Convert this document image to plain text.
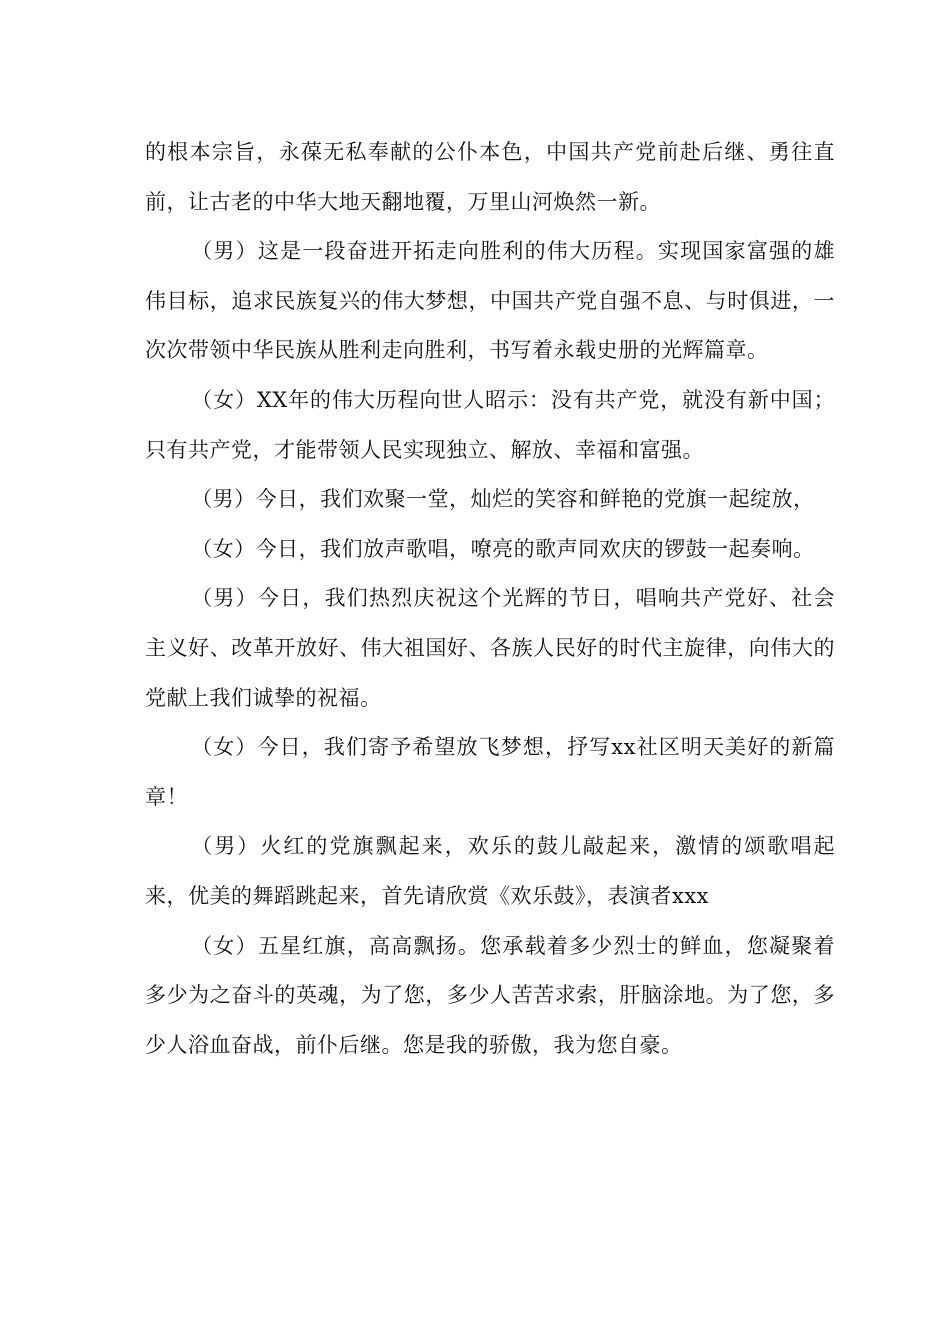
的根本宗旨，永葆无私奉献的公仆本色，中国共产党前赴后继、勇往直前，让古老的中华大地天翻地覆，万里山河焕然一新。

（男）这是一段奋进开拓走向胜利的伟大历程。实现国家富强的雄伟目标，追求民族复兴的伟大梦想，中国共产党自强不息、与时俱进，一次次带领中华民族从胜利走向胜利，书写着永载史册的光辉篇章。

（女）XX年的伟大历程向世人昭示：没有共产党，就没有新中国；只有共产党，才能带领人民实现独立、解放、幸福和富强。

（男）今日，我们欢聚一堂，灿烂的笑容和鲜艳的党旗一起绽放，

（女）今日，我们放声歌唱，嘹亮的歌声同欢庆的锣鼓一起奏响。

（男）今日，我们热烈庆祝这个光辉的节日，唱响共产党好、社会主义好、改革开放好、伟大祖国好、各族人民好的时代主旋律，向伟大的党献上我们诚挚的祝福。

（女）今日，我们寄予希望放飞梦想，抒写xx社区明天美好的新篇章！

（男）火红的党旗飘起来，欢乐的鼓儿敲起来，激情的颂歌唱起来，优美的舞蹈跳起来，首先请欣赏《欢乐鼓》，表演者xxx

（女）五星红旗，高高飘扬。您承载着多少烈士的鲜血，您凝聚着多少为之奋斗的英魂，为了您，多少人苦苦求索，肝脑涂地。为了您，多少人浴血奋战，前仆后继。您是我的骄傲，我为您自豪。
